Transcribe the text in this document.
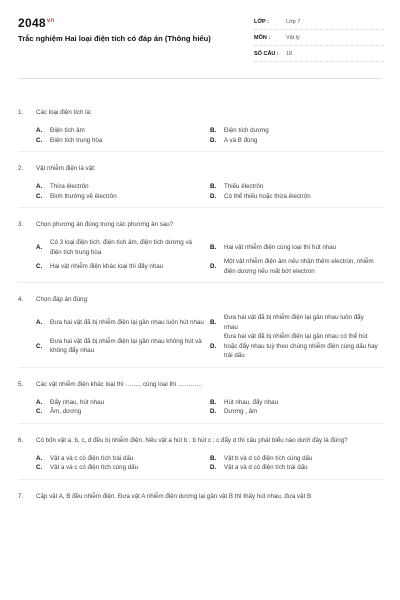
$2048^{vn}$
Trắc nghiệm Hai loại điện tích có đáp án (Thông hiểu)
LỚP :	Lớp 7
MÔN :	Vật lý
SỐ CÂU :	18
1.	Các loại điện tích là:
A.	Điện tích âm	B.	Điện tích dương
C.	Điện tích trung hòa	D.	A và B đúng
2.	Vật nhiễm điện là vật:
A.	Thừa êlectrôn	B.	Thiếu êlectrôn
C.	Bình thường về êlectrôn	D.	Có thể thiếu hoặc thừa êlectrôn
3.	Chọn phương án đúng trong các phương án sau?
A.
Có 3 loại điện tích: điện tích âm, điện tích dương và điện tích trung hòa
B.	Hai vật nhiễm điện cùng loại thì hút nhau
C.	Hai vật nhiễm điện khác loại thì đẩy nhau	D.
Một vật nhiễm điện âm nếu nhận thêm electron, nhiễm điện dương nếu mất bớt electron
4.	Chọn đáp án đúng:
A.	Đưa hai vật đã bị nhiễm điện lại gần nhau luôn hút nhau	B.
Đưa hai vật đã bị nhiễm điện lại gần nhau luôn đẩy nhau
C.
Đưa hai vật đã bị nhiễm điện lại gần nhau không hút và không đẩy nhau
D.
Đưa hai vật đã bị nhiễm điện lại gần nhau có thể hút hoặc đẩy nhau tuỳ theo chúng nhiễm điện cùng dấu hay trái dấu
5.	Các vật nhiễm điện khác loại thì ……., cùng loại thì …………
A.	Đẩy nhau, hút nhau	B.	Hút nhau, đẩy nhau
C.	Âm, dương	D.	Dương , âm
6.	Có bốn vật a, b, c, d đều bị nhiễm điện. Nếu vật a hút b ; b hút c ; c đẩy d thì câu phát biểu nào dưới đây là đúng?
A.	Vật a và c có điện tích trái dấu	B.	Vật b và d có điện tích cùng dấu
C.	Vật a và c có điện tích cùng dấu	D.	Vật a và d có điện tích trái dấu
7.	Cặp vật A, B đều nhiễm điện. Đưa vật A nhiễm điện dương lại gần vật B thì thấy hút nhau, đưa vật B
